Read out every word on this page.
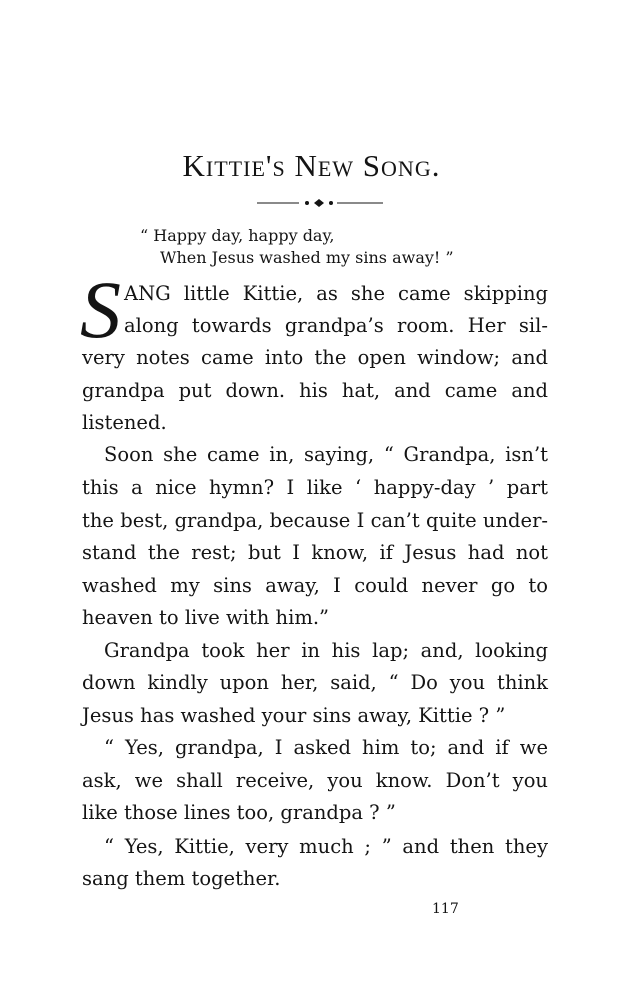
Kittie's New Song.
“ Happy day, happy day,
When Jesus washed my sins away! ”
S ANG little Kittie, as she came skipping
along towards grandpa’s room. Her sil-
very notes came into the open window; and
grandpa put down. his hat, and came and
listened.
Soon she came in, saying, “ Grandpa, isn’t
this a nice hymn? I like ‘ happy-day ’ part
the best, grandpa, because I can’t quite under-
stand the rest; but I know, if Jesus had not
washed my sins away, I could never go to
heaven to live with him.”
Grandpa took her in his lap; and, looking
down kindly upon her, said, “ Do you think
Jesus has washed your sins away, Kittie ? ”
“ Yes, grandpa, I asked him to; and if we
ask, we shall receive, you know. Don’t you
like those lines too, grandpa ? ”
“ Yes, Kittie, very much ; ” and then they
sang them together.
117
